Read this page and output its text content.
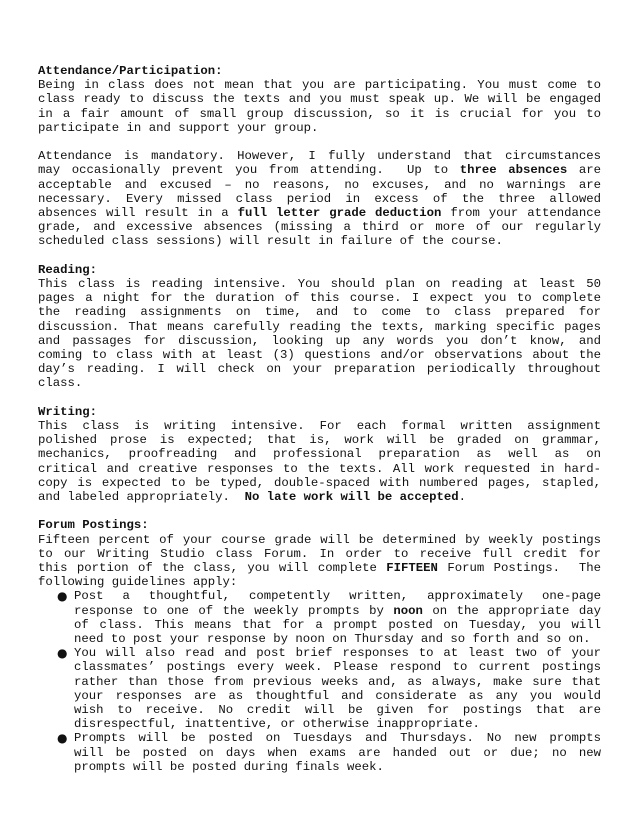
Attendance/Participation:
Being in class does not mean that you are participating. You must come to
class ready to discuss the texts and you must speak up. We will be engaged
in a fair amount of small group discussion, so it is crucial for you to
participate in and support your group.
Attendance is mandatory. However, I fully understand that circumstances
may occasionally prevent you from attending.  Up to three absences are
acceptable and excused – no reasons, no excuses, and no warnings are
necessary. Every missed class period in excess of the three allowed
absences will result in a full letter grade deduction from your attendance
grade, and excessive absences (missing a third or more of our regularly
scheduled class sessions) will result in failure of the course.
Reading:
This class is reading intensive. You should plan on reading at least 50
pages a night for the duration of this course. I expect you to complete
the reading assignments on time, and to come to class prepared for
discussion. That means carefully reading the texts, marking specific pages
and passages for discussion, looking up any words you don’t know, and
coming to class with at least (3) questions and/or observations about the
day’s reading. I will check on your preparation periodically throughout
class.
Writing:
This class is writing intensive. For each formal written assignment
polished prose is expected; that is, work will be graded on grammar,
mechanics, proofreading and professional preparation as well as on
critical and creative responses to the texts. All work requested in hard-
copy is expected to be typed, double-spaced with numbered pages, stapled,
and labeled appropriately.  No late work will be accepted.
Forum Postings:
Fifteen percent of your course grade will be determined by weekly postings
to our Writing Studio class Forum. In order to receive full credit for
this portion of the class, you will complete FIFTEEN Forum Postings.  The
following guidelines apply:
● Post a thoughtful, competently written, approximately one-page
response to one of the weekly prompts by noon on the appropriate day
of class. This means that for a prompt posted on Tuesday, you will
need to post your response by noon on Thursday and so forth and so on.
● You will also read and post brief responses to at least two of your
classmates’ postings every week. Please respond to current postings
rather than those from previous weeks and, as always, make sure that
your responses are as thoughtful and considerate as any you would
wish to receive. No credit will be given for postings that are
disrespectful, inattentive, or otherwise inappropriate.
● Prompts will be posted on Tuesdays and Thursdays. No new prompts
will be posted on days when exams are handed out or due; no new
prompts will be posted during finals week.
